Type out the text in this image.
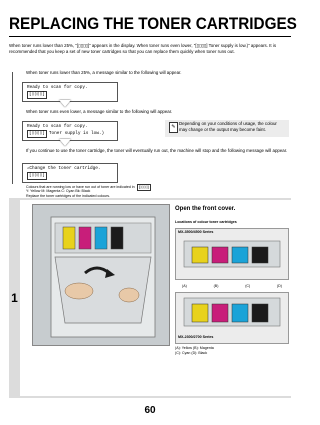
REPLACING THE TONER CARTRIDGES
When toner runs lower than 25%, "[▯▯▯▯]" appears in the display. When toner runs even lower, "[▯▯▯▯] Toner supply is low.)" appears. It is recommended that you keep a set of new toner cartridges so that you can replace them quickly when toner runs out.
When toner runs lower than 25%, a message similar to the following will appear.
Ready to scan for copy.
[▯▯▯▯]
When toner runs even lower, a message similar to the following will appear.
Ready to scan for copy.
[▯▯▯▯] Toner supply is low.)
✎
Depending on your conditions of usage, the colour may change or the output may become faint.
If you continue to use the toner cartridge, the toner will eventually run out, the machine will stop and the following message will appear.
⚠Change the toner cartridge.
[▯▯▯▯]
Colours that are running low or have run out of toner are indicated in [▯▯▯▯]
1
Y: Yellow M: Magenta C: Cyan Bk: Black
Replace the toner cartridges of the indicated colours.
Open the front cover.
Locations of colour toner cartridges
MX-3500/4500 Series
(A)	(B)	(C)	(D)
MX-2300/2700 Series
(A): Yellow (B): Magenta
(C): Cyan (D): Black
60
